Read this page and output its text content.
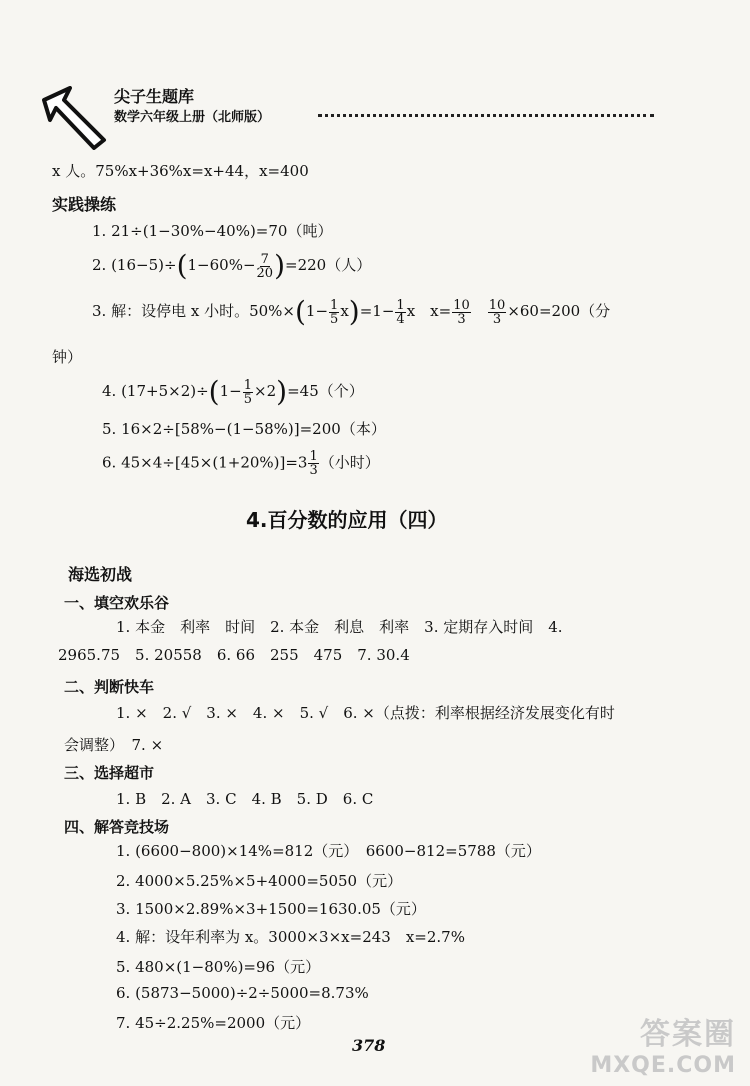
尖子生题库
数学六年级上册（北师版）
x 人。75%x+36%x=x+44，x=400
实践操练
1. 21÷(1−30%−40%)=70（吨）
2. $(16-5)\div(1-60\%- \frac{7}{20} )=220$（人）
3. 解：设停电 x 小时。$50\%\times(1- \frac{1}{5} x)=1- \frac{1}{4}$ x　$x= \frac{10}{3}$
　 $\frac{10}{3} \times 60=200$（分
钟）
4. $(17+5\times 2)\div(1- \frac{1}{5} \times 2)=45$（个）
5. 16×2÷[58%−(1−58%)]=200（本）
6. $45\times 4\div[45\times(1+20\%)]=3 \frac{1}{3}$ （小时）
4.百分数的应用（四）
海选初战
一、填空欢乐谷
1. 本金　利率　时间　2. 本金　利息　利率　3. 定期存入时间　4.
2965.75　5. 20558　6. 66　255　475　7. 30.4
二、判断快车
1. ×　2. √　3. ×　4. ×　5. √　6. ×（点拨：利率根据经济发展变化有时
会调整）　7. ×
三、选择超市
1. B　2. A　3. C　4. B　5. D　6. C
四、解答竞技场
1. (6600−800)×14%=812（元）　6600−812=5788（元）
2. 4000×5.25%×5+4000=5050（元）
3. 1500×2.89%×3+1500=1630.05（元）
4. 解：设年利率为 x。3000×3×x=243　x=2.7%
5. 480×(1−80%)=96（元）
6. (5873−5000)÷2÷5000=8.73%
7. 45÷2.25%=2000（元）
378	答案圈
MXQE.COM
